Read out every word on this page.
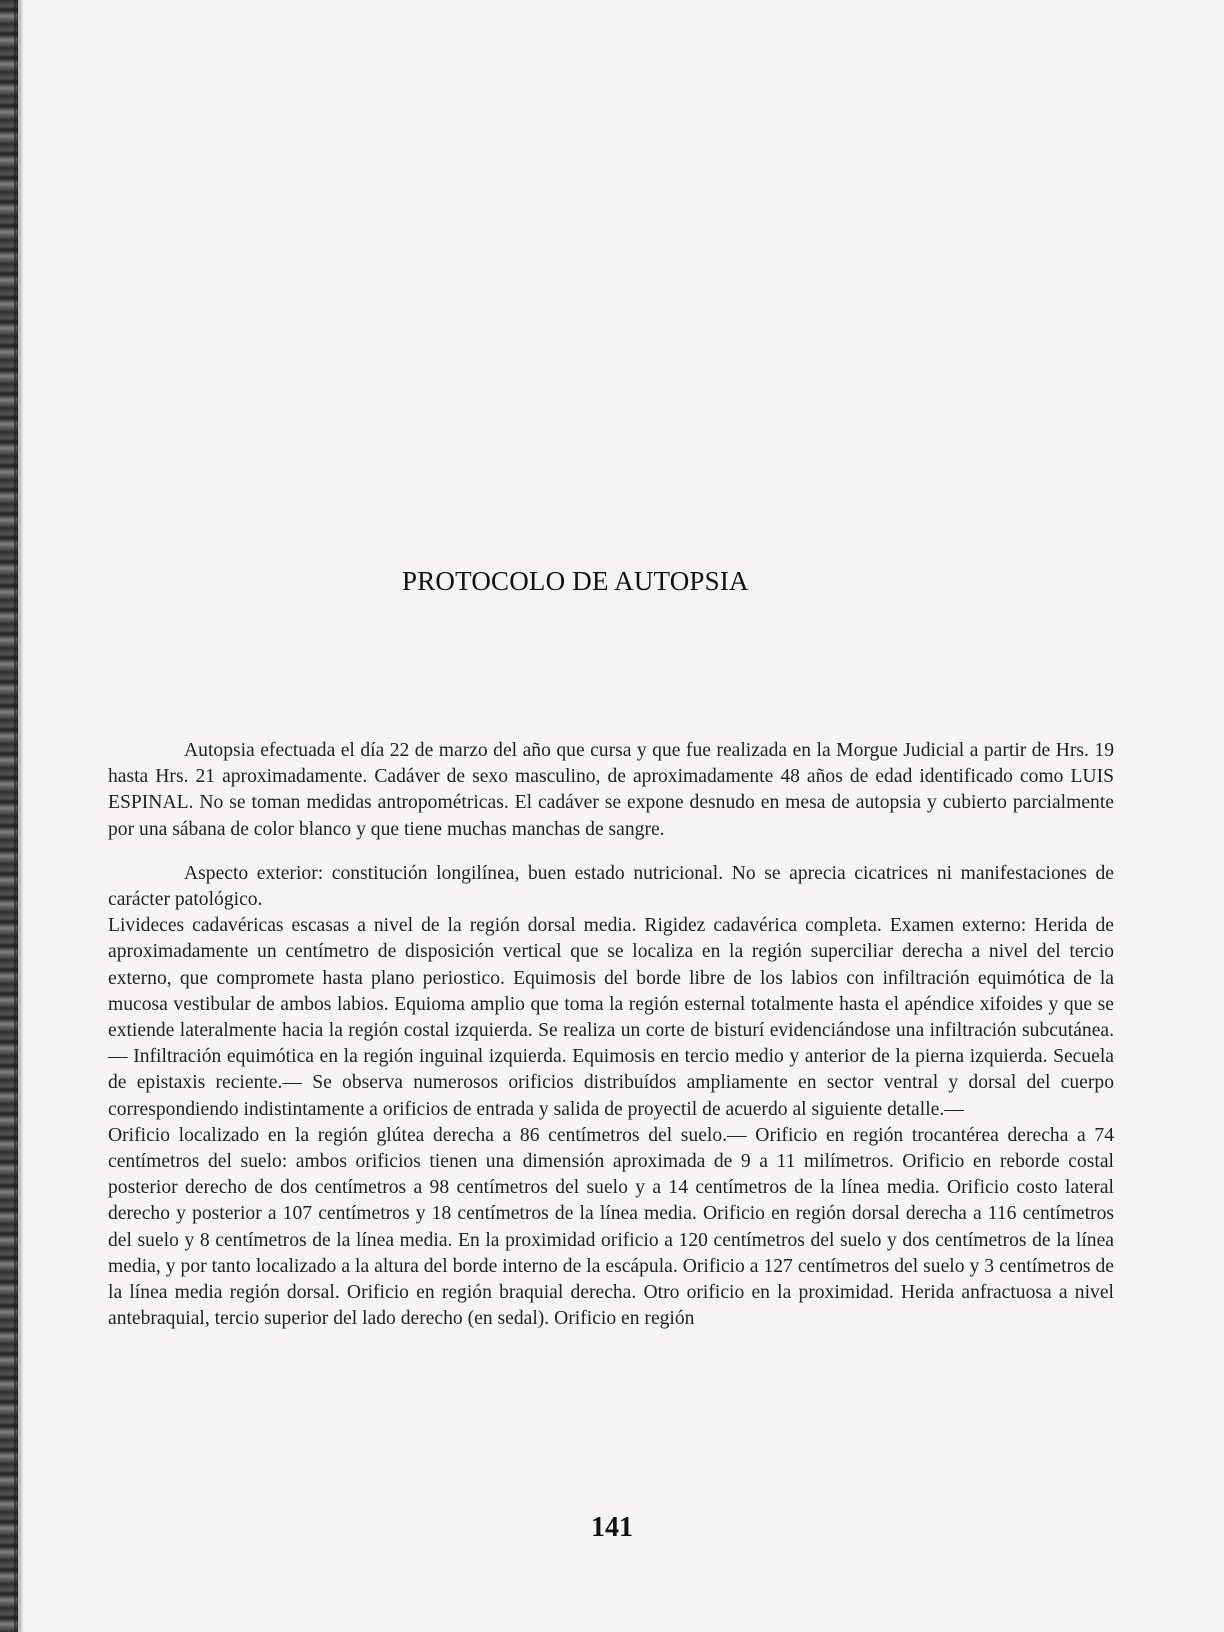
PROTOCOLO DE AUTOPSIA

Autopsia efectuada el día 22 de marzo del año que cursa y que fue realizada en la Morgue Judicial a partir de Hrs. 19 hasta Hrs. 21 aproximadamente. Cadáver de sexo masculino, de aproximadamente 48 años de edad identificado como LUIS ESPINAL. No se toman medidas antropométricas. El cadáver se expone desnudo en mesa de autopsia y cubierto parcialmente por una sábana de color blanco y que tiene muchas manchas de sangre.

Aspecto exterior: constitución longilínea, buen estado nutricional. No se aprecia cicatrices ni manifestaciones de carácter patológico.

Livideces cadavéricas escasas a nivel de la región dorsal media. Rigidez cadavérica completa. Examen externo: Herida de aproximadamente un centímetro de disposición vertical que se localiza en la región superciliar derecha a nivel del tercio externo, que compromete hasta plano periostico. Equimosis del borde libre de los labios con infiltración equimótica de la mucosa vestibular de ambos labios. Equioma amplio que toma la región esternal totalmente hasta el apéndice xifoides y que se extiende lateralmente hacia la región costal izquierda. Se realiza un corte de bisturí evidenciándose una infiltración subcutánea.— Infiltración equimótica en la región inguinal izquierda. Equimosis en tercio medio y anterior de la pierna izquierda. Secuela de epistaxis reciente.— Se observa numerosos orificios distribuídos ampliamente en sector ventral y dorsal del cuerpo correspondiendo indistintamente a orificios de entrada y salida de proyectil de acuerdo al siguiente detalle.—

Orificio localizado en la región glútea derecha a 86 centímetros del suelo.— Orificio en región trocantérea derecha a 74 centímetros del suelo: ambos orificios tienen una dimensión aproximada de 9 a 11 milímetros. Orificio en reborde costal posterior derecho de dos centímetros a 98 centímetros del suelo y a 14 centímetros de la línea media. Orificio costo lateral derecho y posterior a 107 centímetros y 18 centímetros de la línea media. Orificio en región dorsal derecha a 116 centímetros del suelo y 8 centímetros de la línea media. En la proximidad orificio a 120 centímetros del suelo y dos centímetros de la línea media, y por tanto localizado a la altura del borde interno de la escápula. Orificio a 127 centímetros del suelo y 3 centímetros de la línea media región dorsal. Orificio en región braquial derecha. Otro orificio en la proximidad. Herida anfractuosa a nivel antebraquial, tercio superior del lado derecho (en sedal). Orificio en región

141
